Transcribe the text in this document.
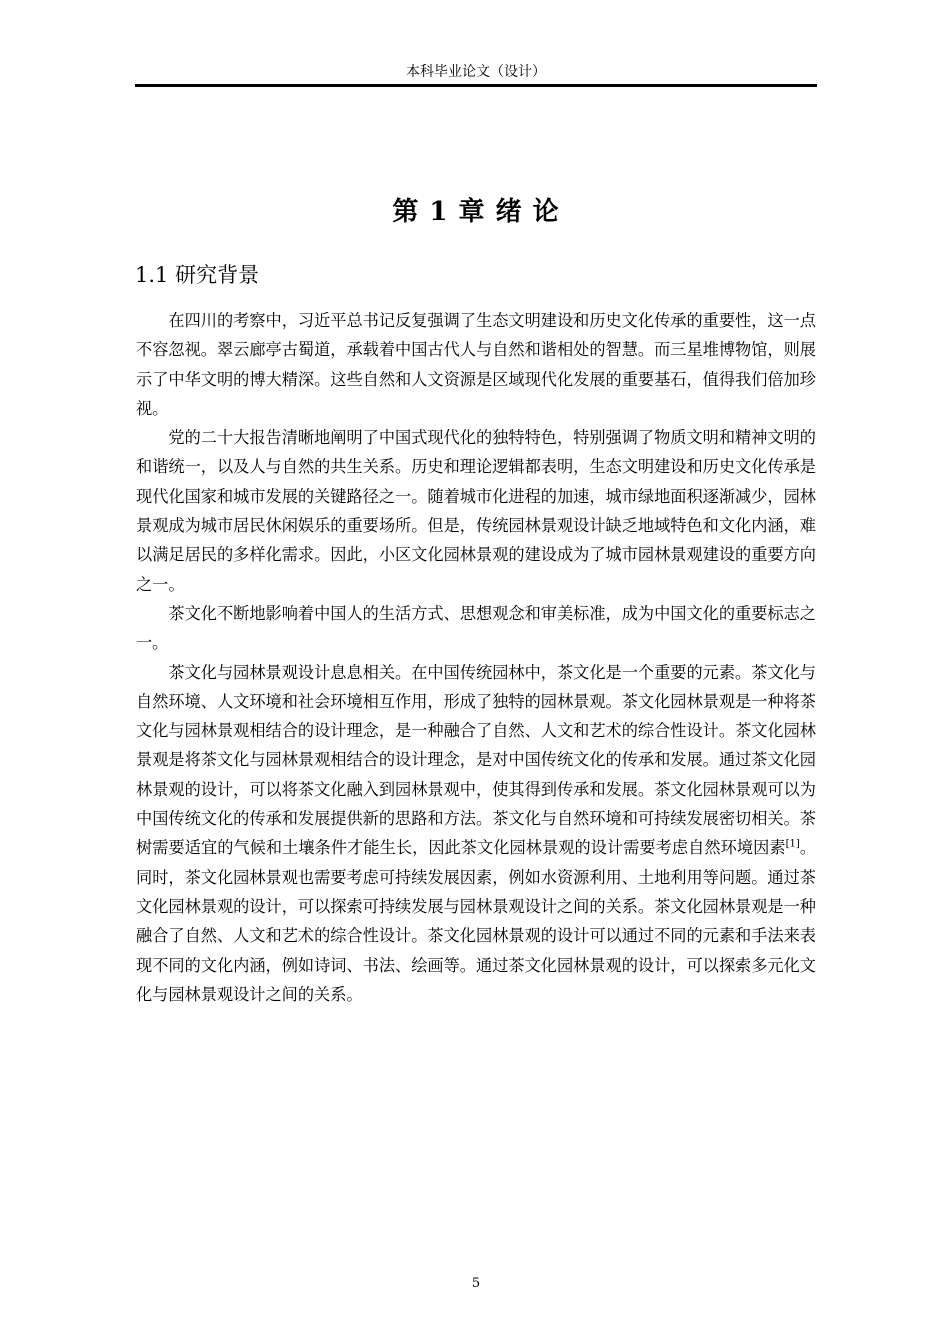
本科毕业论文（设计）
第 1 章 绪 论
1.1 研究背景

在四川的考察中，习近平总书记反复强调了生态文明建设和历史文化传承的重要性，这一点不容忽视。翠云廊亭古蜀道，承载着中国古代人与自然和谐相处的智慧。而三星堆博物馆，则展示了中华文明的博大精深。这些自然和人文资源是区域现代化发展的重要基石，值得我们倍加珍视。

党的二十大报告清晰地阐明了中国式现代化的独特特色，特别强调了物质文明和精神文明的和谐统一，以及人与自然的共生关系。历史和理论逻辑都表明，生态文明建设和历史文化传承是现代化国家和城市发展的关键路径之一。随着城市化进程的加速，城市绿地面积逐渐减少，园林景观成为城市居民休闲娱乐的重要场所。但是，传统园林景观设计缺乏地域特色和文化内涵，难以满足居民的多样化需求。因此，小区文化园林景观的建设成为了城市园林景观建设的重要方向之一。

茶文化不断地影响着中国人的生活方式、思想观念和审美标准，成为中国文化的重要标志之一。

茶文化与园林景观设计息息相关。在中国传统园林中，茶文化是一个重要的元素。茶文化与自然环境、人文环境和社会环境相互作用，形成了独特的园林景观。茶文化园林景观是一种将茶文化与园林景观相结合的设计理念，是一种融合了自然、人文和艺术的综合性设计。茶文化园林景观是将茶文化与园林景观相结合的设计理念，是对中国传统文化的传承和发展。通过茶文化园林景观的设计，可以将茶文化融入到园林景观中，使其得到传承和发展。茶文化园林景观可以为中国传统文化的传承和发展提供新的思路和方法。茶文化与自然环境和可持续发展密切相关。茶树需要适宜的气候和土壤条件才能生长，因此茶文化园林景观的设计需要考虑自然环境因素[1]。同时，茶文化园林景观也需要考虑可持续发展因素，例如水资源利用、土地利用等问题。通过茶文化园林景观的设计，可以探索可持续发展与园林景观设计之间的关系。茶文化园林景观是一种融合了自然、人文和艺术的综合性设计。茶文化园林景观的设计可以通过不同的元素和手法来表现不同的文化内涵，例如诗词、书法、绘画等。通过茶文化园林景观的设计，可以探索多元化文化与园林景观设计之间的关系。

5
